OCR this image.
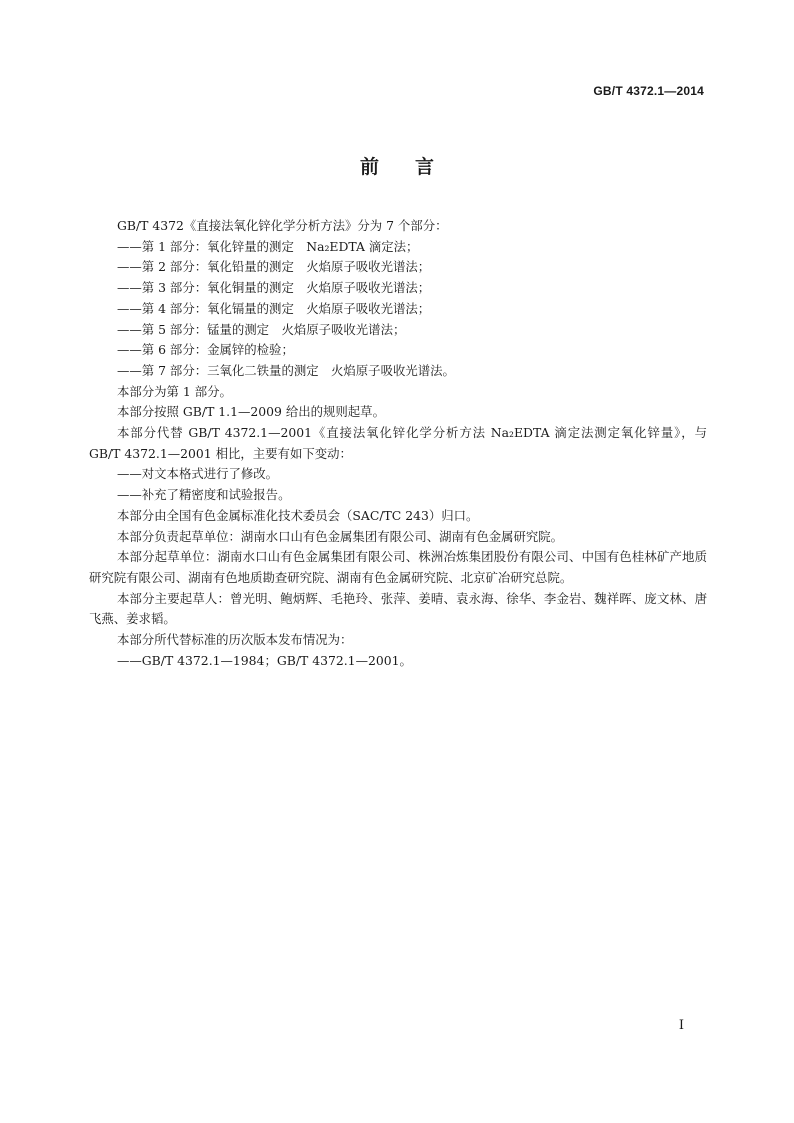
GB/T 4372.1—2014
前言

GB/T 4372《直接法氧化锌化学分析方法》分为 7 个部分：

——第 1 部分：氧化锌量的测定　Na₂EDTA 滴定法；

——第 2 部分：氧化铅量的测定　火焰原子吸收光谱法；

——第 3 部分：氧化铜量的测定　火焰原子吸收光谱法；

——第 4 部分：氧化镉量的测定　火焰原子吸收光谱法；

——第 5 部分：锰量的测定　火焰原子吸收光谱法；

——第 6 部分：金属锌的检验；

——第 7 部分：三氧化二铁量的测定　火焰原子吸收光谱法。

本部分为第 1 部分。

本部分按照 GB/T 1.1—2009 给出的规则起草。

本部分代替 GB/T 4372.1—2001《直接法氧化锌化学分析方法 Na₂EDTA 滴定法测定氧化锌量》，与 GB/T 4372.1—2001 相比，主要有如下变动：

——对文本格式进行了修改。

——补充了精密度和试验报告。

本部分由全国有色金属标准化技术委员会（SAC/TC 243）归口。

本部分负责起草单位：湖南水口山有色金属集团有限公司、湖南有色金属研究院。

本部分起草单位：湖南水口山有色金属集团有限公司、株洲冶炼集团股份有限公司、中国有色桂林矿产地质研究院有限公司、湖南有色地质勘查研究院、湖南有色金属研究院、北京矿冶研究总院。

本部分主要起草人：曾光明、鲍炳辉、毛艳玲、张萍、姜晴、袁永海、徐华、李金岩、魏祥晖、庞文林、唐飞燕、姜求韬。

本部分所代替标准的历次版本发布情况为：

——GB/T 4372.1—1984；GB/T 4372.1—2001。

I
